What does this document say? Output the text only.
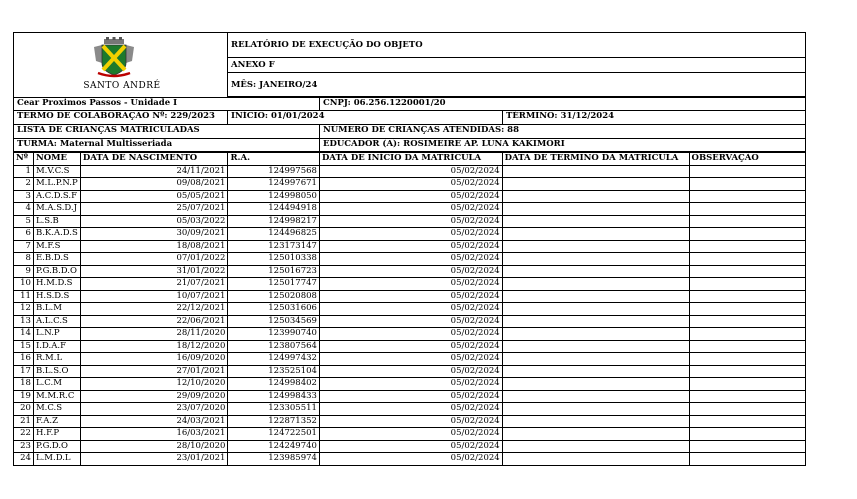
SANTO ANDRÉ
RELATÓRIO DE EXECUÇÃO DO OBJETO
ANEXO F
MÊS: JANEIRO/24
Cear Proximos Passos - Unidade I	CNPJ: 06.256.1220001/20
TERMO DE COLABORAÇÃO Nº: 229/2023	INÍCIO: 01/01/2024	TÉRMINO: 31/12/2024
LISTA DE CRIANÇAS MATRICULADAS	NÚMERO DE CRIANÇAS ATENDIDAS: 88
TURMA: Maternal Multisseriada	EDUCADOR (A): ROSIMEIRE AP. LUNA KAKIMORI
Nº	NOME	DATA DE NASCIMENTO	R.A.	DATA DE INÍCIO DA MATRÍCULA	DATA DE TERMINO DA MATRICULA	OBSERVAÇÃO
1	M.V.C.S	24/11/2021	124997568	05/02/2024		
2	M.L.P.N.P	09/08/2021	124997671	05/02/2024		
3	A.C.D.S.F	05/05/2021	124998050	05/02/2024		
4	M.A.S.D.J	25/07/2021	124494918	05/02/2024		
5	L.S.B	05/03/2022	124998217	05/02/2024		
6	B.K.A.D.S	30/09/2021	124496825	05/02/2024		
7	M.F.S	18/08/2021	123173147	05/02/2024		
8	E.B.D.S	07/01/2022	125010338	05/02/2024		
9	P.G.B.D.O	31/01/2022	125016723	05/02/2024		
10	H.M.D.S	21/07/2021	125017747	05/02/2024		
11	H.S.D.S	10/07/2021	125020808	05/02/2024		
12	B.L.M	22/12/2021	125031606	05/02/2024		
13	A.L.C.S	22/06/2021	125034569	05/02/2024		
14	L.N.P	28/11/2020	123990740	05/02/2024		
15	I.D.A.F	18/12/2020	123807564	05/02/2024		
16	R.M.L	16/09/2020	124997432	05/02/2024		
17	B.L.S.O	27/01/2021	123525104	05/02/2024		
18	L.C.M	12/10/2020	124998402	05/02/2024		
19	M.M.R.C	29/09/2020	124998433	05/02/2024		
20	M.C.S	23/07/2020	123305511	05/02/2024		
21	F.A.Z	24/03/2021	122871352	05/02/2024		
22	H.F.P	16/03/2021	124722501	05/02/2024		
23	P.G.D.O	28/10/2020	124249740	05/02/2024		
24	L.M.D.L	23/01/2021	123985974	05/02/2024		
